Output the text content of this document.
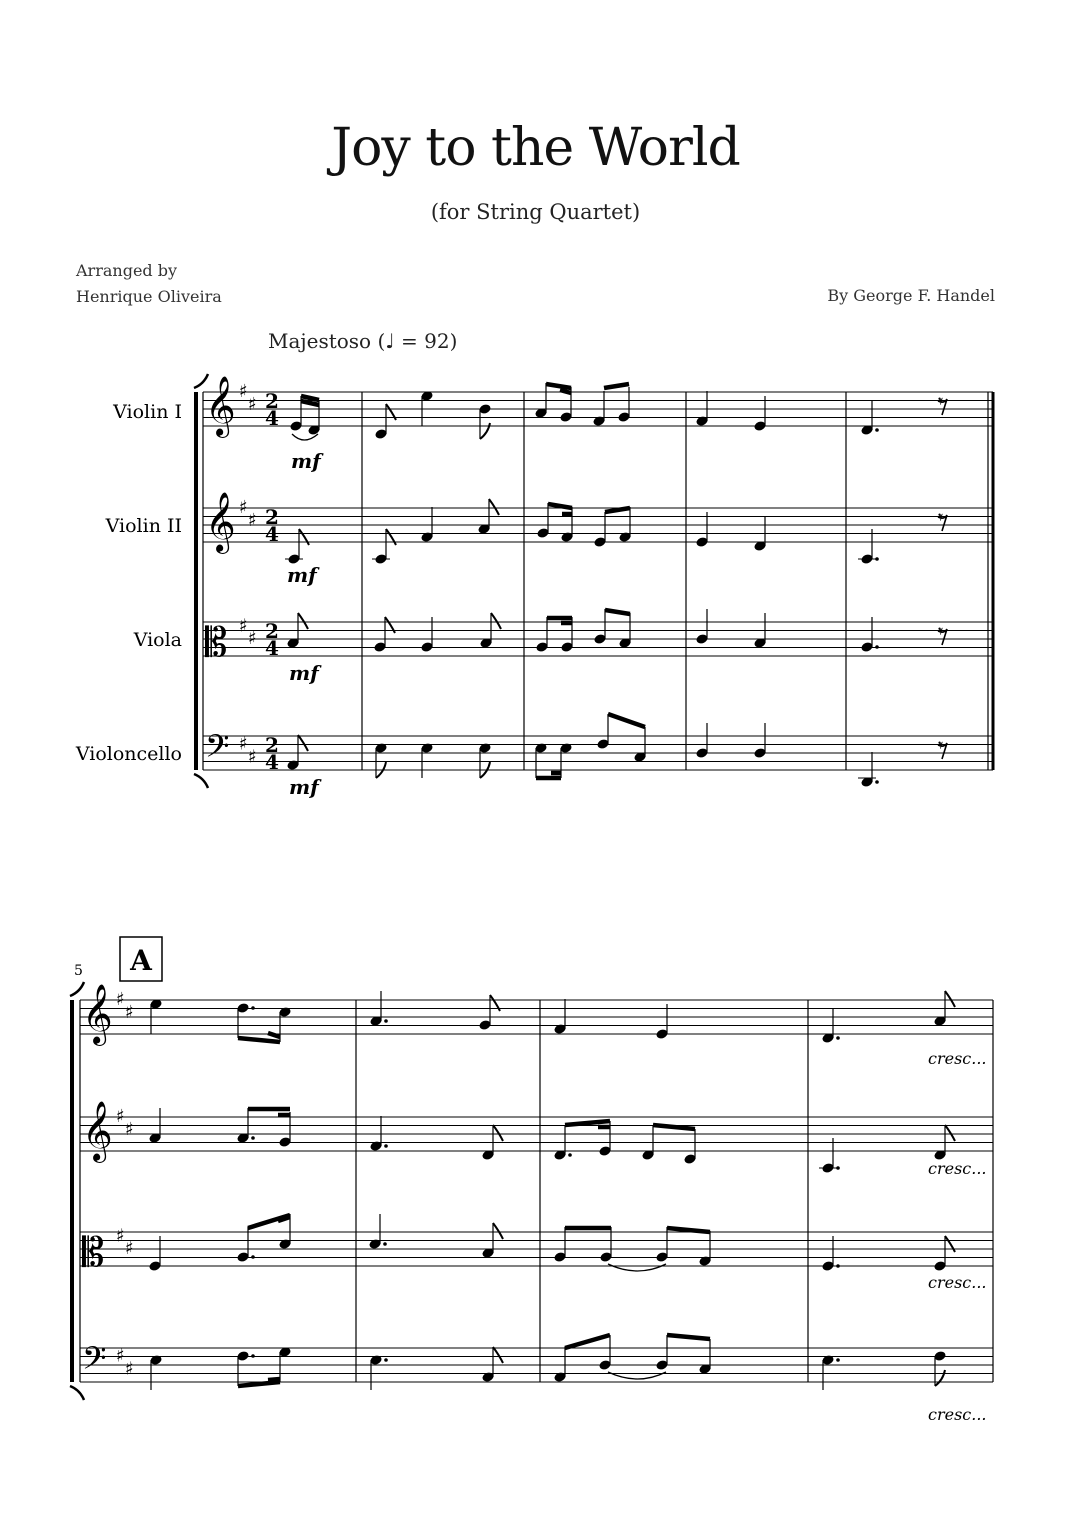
Joy to the World
(for String Quartet)
Arranged by
Henrique Oliveira	By George F. Handel
Majestoso (♩ = 92)
𝄞 ♯
♯ 2
4
Violin I
𝄞 ♯
♯ 2
4
Violin II
𝄡 ♯
♯ 2
4
Viola
𝄢 ♯
♯ 2
4
Violoncello
mf
𝄾
mf
𝄾
mf
𝄾
mf
𝄾
𝄞 ♯
♯
𝄞 ♯
♯
𝄡 ♯
♯
𝄢 ♯
♯
A
5
cresc...
cresc...
cresc...
cresc...
